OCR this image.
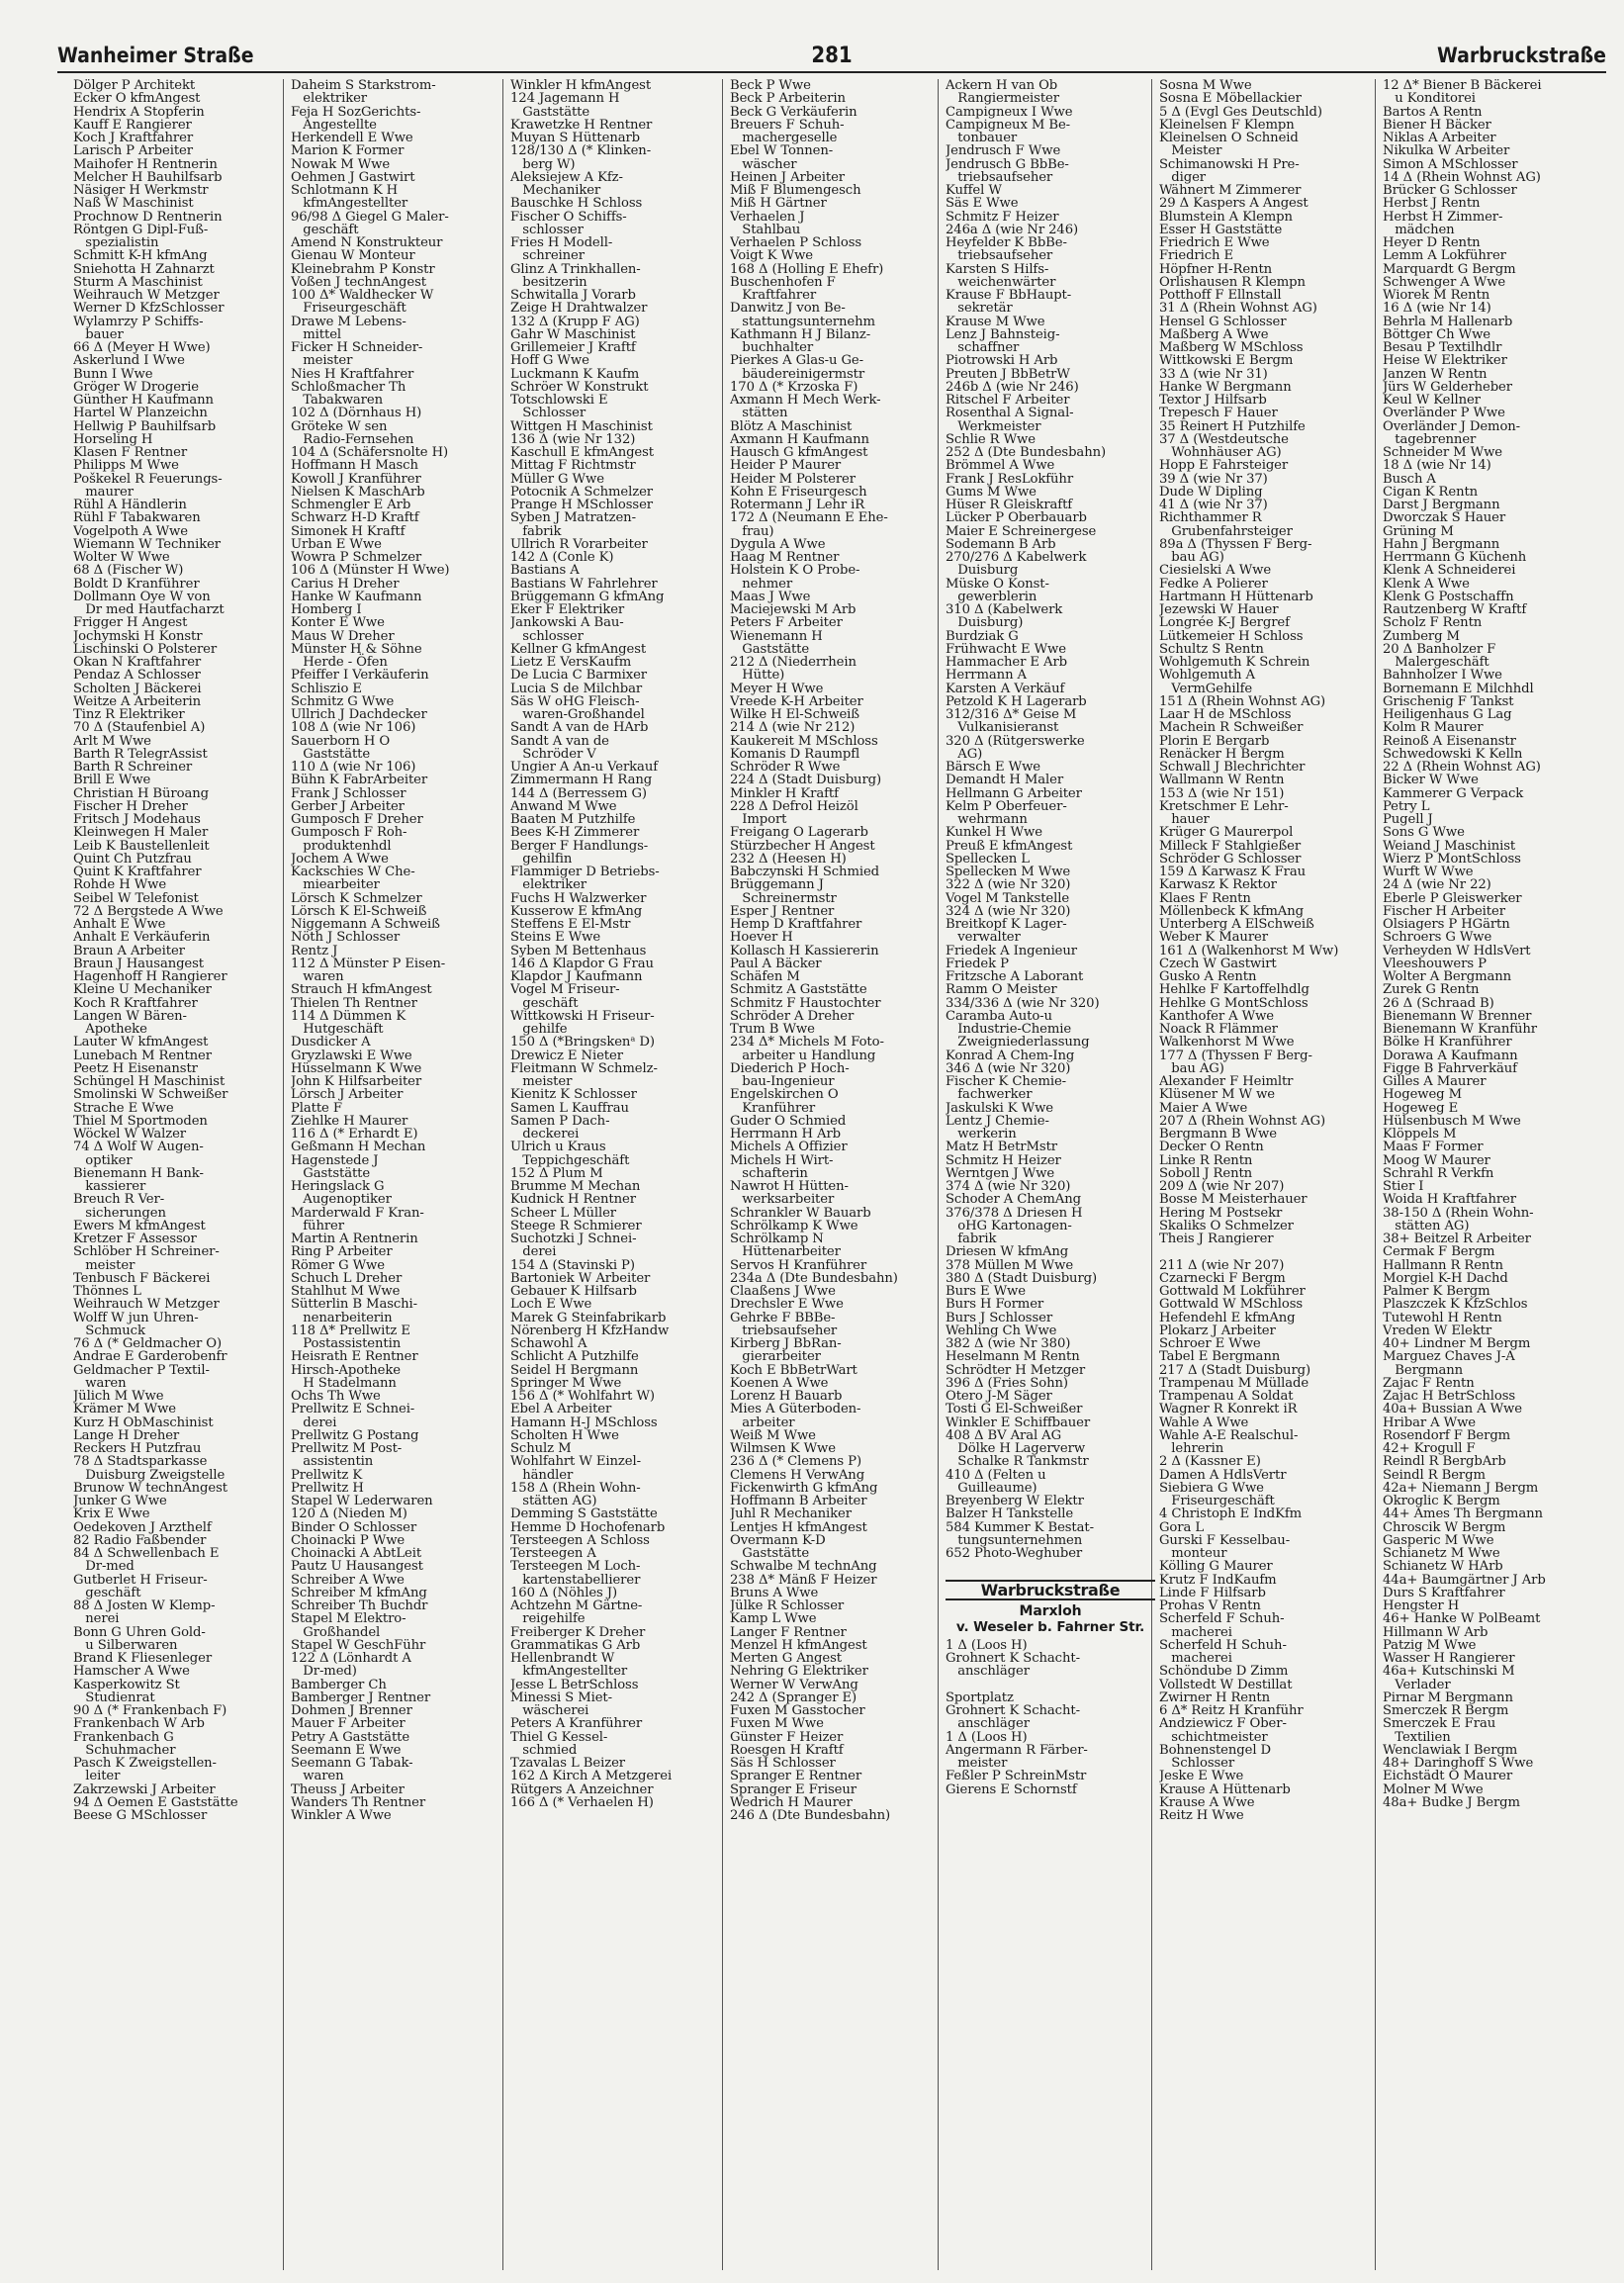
Wanheimer Straße	281	Warbruckstraße
Dölger P Architekt
Ecker O kfmAngest
Hendrix A Stopferin
Kauff E Rangierer
Koch J Kraftfahrer
Larisch P Arbeiter
Maihofer H Rentnerin
Melcher H Bauhilfsarb
Näsiger H Werkmstr
Naß W Maschinist
Prochnow D Rentnerin
Röntgen G Dipl-Fuß-
spezialistin
Schmitt K-H kfmAng
Sniehotta H Zahnarzt
Sturm A Maschinist
Weihrauch W Metzger
Werner D KfzSchlosser
Wylamrzy P Schiffs-
bauer
66 Δ (Meyer H Wwe)
Askerlund I Wwe
Bunn I Wwe
Gröger W Drogerie
Günther H Kaufmann
Hartel W Planzeichn
Hellwig P Bauhilfsarb
Horseling H
Klasen F Rentner
Philipps M Wwe
Poškekel R Feuerungs-
maurer
Rühl A Händlerin
Rühl F Tabakwaren
Vogelpoth A Wwe
Wiemann W Techniker
Wolter W Wwe
68 Δ (Fischer W)
Boldt D Kranführer
Dollmann Oye W von
Dr med Hautfacharzt
Frigger H Angest
Jochymski H Konstr
Lischinski O Polsterer
Okan N Kraftfahrer
Pendaz A Schlosser
Scholten J Bäckerei
Weitze A Arbeiterin
Tinz R Elektriker
70 Δ (Staufenbiel A)
Arlt M Wwe
Barth R TelegrAssist
Barth R Schreiner
Brill E Wwe
Christian H Büroang
Fischer H Dreher
Fritsch J Modehaus
Kleinwegen H Maler
Leib K Baustellenleit
Quint Ch Putzfrau
Quint K Kraftfahrer
Rohde H Wwe
Seibel W Telefonist
72 Δ Bergstede A Wwe
Anhalt E Wwe
Anhalt E Verkäuferin
Braun A Arbeiter
Braun J Hausangest
Hagenhoff H Rangierer
Kleine U Mechaniker
Koch R Kraftfahrer
Langen W Bären-
Apotheke
Lauter W kfmAngest
Lunebach M Rentner
Peetz H Eisenanstr
Schüngel H Maschinist
Smolinski W Schweißer
Strache E Wwe
Thiel M Sportmoden
Wöckel W Walzer
74 Δ Wolf W Augen-
optiker
Bienemann H Bank-
kassierer
Breuch R Ver-
sicherungen
Ewers M kfmAngest
Kretzer F Assessor
Schlöber H Schreiner-
meister
Tenbusch F Bäckerei
Thönnes L
Weihrauch W Metzger
Wolff W jun Uhren-
Schmuck
76 Δ (* Geldmacher O)
Andrae E Garderobenfr
Geldmacher P Textil-
waren
Jülich M Wwe
Krämer M Wwe
Kurz H ObMaschinist
Lange H Dreher
Reckers H Putzfrau
78 Δ Stadtsparkasse
Duisburg Zweigstelle
Brunow W technAngest
Junker G Wwe
Krix E Wwe
Oedekoven J Arzthelf
82 Radio Faßbender
84 Δ Schwellenbach E
Dr-med
Gutberlet H Friseur-
geschäft
88 Δ Josten W Klemp-
nerei
Bonn G Uhren Gold-
u Silberwaren
Brand K Fliesenleger
Hamscher A Wwe
Kasperkowitz St
Studienrat
90 Δ (* Frankenbach F)
Frankenbach W Arb
Frankenbach G
Schuhmacher
Pasch K Zweigstellen-
leiter
Zakrzewski J Arbeiter
94 Δ Oemen E Gaststätte
Beese G MSchlosser
Daheim S Starkstrom-
elektriker
Feja H SozGerichts-
Angestellte
Herkendell E Wwe
Marion K Former
Nowak M Wwe
Oehmen J Gastwirt
Schlotmann K H
kfmAngestellter
96/98 Δ Giegel G Maler-
geschäft
Amend N Konstrukteur
Gienau W Monteur
Kleinebrahm P Konstr
Voßen J technAngest
100 Δ* Waldhecker W
Friseurgeschäft
Drawe M Lebens-
mittel
Ficker H Schneider-
meister
Nies H Kraftfahrer
Schloßmacher Th
Tabakwaren
102 Δ (Dörnhaus H)
Gröteke W sen
Radio-Fernsehen
104 Δ (Schäfersnolte H)
Hoffmann H Masch
Kowoll J Kranführer
Nielsen K MaschArb
Schmengler E Arb
Schwarz H-D Kraftf
Simonek H Kraftf
Urban E Wwe
Wowra P Schmelzer
106 Δ (Münster H Wwe)
Carius H Dreher
Hanke W Kaufmann
Homberg I
Konter E Wwe
Maus W Dreher
Münster H & Söhne
Herde - Öfen
Pfeiffer I Verkäuferin
Schliszio E
Schmitz G Wwe
Ullrich J Dachdecker
108 Δ (wie Nr 106)
Sauerborn H O
Gaststätte
110 Δ (wie Nr 106)
Bühn K FabrArbeiter
Frank J Schlosser
Gerber J Arbeiter
Gumposch F Dreher
Gumposch F Roh-
produktenhdl
Jochem A Wwe
Kackschies W Che-
miearbeiter
Lörsch K Schmelzer
Lörsch K El-Schweiß
Niggemann A Schweiß
Nöth J Schlosser
Rentz J
112 Δ Münster P Eisen-
waren
Strauch H kfmAngest
Thielen Th Rentner
114 Δ Dümmen K
Hutgeschäft
Dusdicker A
Gryzlawski E Wwe
Hüsselmann K Wwe
John K Hilfsarbeiter
Lörsch J Arbeiter
Platte F
Ziehlke H Maurer
116 Δ (* Erhardt E)
Geßmann H Mechan
Hagenstede J
Gaststätte
Heringslack G
Augenoptiker
Marderwald F Kran-
führer
Martin A Rentnerin
Ring P Arbeiter
Römer G Wwe
Schuch L Dreher
Stahlhut M Wwe
Sütterlin B Maschi-
nenarbeiterin
118 Δ* Prellwitz E
Postassistentin
Heisrath E Rentner
Hirsch-Apotheke
H Stadelmann
Ochs Th Wwe
Prellwitz E Schnei-
derei
Prellwitz G Postang
Prellwitz M Post-
assistentin
Prellwitz K
Prellwitz H
Stapel W Lederwaren
120 Δ (Nieden M)
Binder O Schlosser
Choinacki P Wwe
Choinacki A AbtLeit
Pautz U Hausangest
Schreiber A Wwe
Schreiber M kfmAng
Schreiber Th Buchdr
Stapel M Elektro-
Großhandel
Stapel W GeschFühr
122 Δ (Lönhardt A
Dr-med)
Bamberger Ch
Bamberger J Rentner
Dohmen J Brenner
Mauer F Arbeiter
Petry A Gaststätte
Seemann E Wwe
Seemann G Tabak-
waren
Theuss J Arbeiter
Wanders Th Rentner
Winkler A Wwe
Winkler H kfmAngest
124 Jagemann H
Gaststätte
Krawetzke H Rentner
Muyan S Hüttenarb
128/130 Δ (* Klinken-
berg W)
Aleksiejew A Kfz-
Mechaniker
Bauschke H Schloss
Fischer O Schiffs-
schlosser
Fries H Modell-
schreiner
Glinz A Trinkhallen-
besitzerin
Schwitalla J Vorarb
Zeige H Drahtwalzer
132 Δ (Krupp F AG)
Gahr W Maschinist
Grillemeier J Kraftf
Hoff G Wwe
Luckmann K Kaufm
Schröer W Konstrukt
Totschlowski E
Schlosser
Wittgen H Maschinist
136 Δ (wie Nr 132)
Kaschull E kfmAngest
Mittag F Richtmstr
Müller G Wwe
Potocnik A Schmelzer
Prange H MSchlosser
Syben J Matratzen-
fabrik
Ullrich R Vorarbeiter
142 Δ (Conle K)
Bastians A
Bastians W Fahrlehrer
Brüggemann G kfmAng
Eker F Elektriker
Jankowski A Bau-
schlosser
Kellner G kfmAngest
Lietz E VersKaufm
De Lucia C Barmixer
Lucia S de Milchbar
Säs W oHG Fleisch-
waren-Großhandel
Sandt A van de HArb
Sandt A van de
Schröder V
Ungier A An-u Verkauf
Zimmermann H Rang
144 Δ (Berressem G)
Anwand M Wwe
Baaten M Putzhilfe
Bees K-H Zimmerer
Berger F Handlungs-
gehilfin
Flammiger D Betriebs-
elektriker
Fuchs H Walzwerker
Kusserow E kfmAng
Steffens E El-Mstr
Steins E Wwe
Syben M Bettenhaus
146 Δ Klapdor G Frau
Klapdor J Kaufmann
Vogel M Friseur-
geschäft
Wittkowski H Friseur-
gehilfe
150 Δ (*Bringskenᵃ D)
Drewicz E Nieter
Fleitmann W Schmelz-
meister
Kienitz K Schlosser
Samen L Kauffrau
Samen P Dach-
deckerei
Ulrich u Kraus
Teppichgeschäft
152 Δ Plum M
Brumme M Mechan
Kudnick H Rentner
Scheer L Müller
Steege R Schmierer
Suchotzki J Schnei-
derei
154 Δ (Stavinski P)
Bartoniek W Arbeiter
Gebauer K Hilfsarb
Loch E Wwe
Marek G Steinfabrikarb
Nörenberg H KfzHandw
Schawohl A
Schlicht A Putzhilfe
Seidel H Bergmann
Springer M Wwe
156 Δ (* Wohlfahrt W)
Ebel A Arbeiter
Hamann H-J MSchloss
Scholten H Wwe
Schulz M
Wohlfahrt W Einzel-
händler
158 Δ (Rhein Wohn-
stätten AG)
Demming S Gaststätte
Hemme D Hochofenarb
Tersteegen A Schloss
Tersteegen A
Tersteegen M Loch-
kartenstabellierer
160 Δ (Nöhles J)
Achtzehn M Gärtne-
reigehilfe
Freiberger K Dreher
Grammatikas G Arb
Hellenbrandt W
kfmAngestellter
Jesse L BetrSchloss
Minessi S Miet-
wäscherei
Peters A Kranführer
Thiel G Kessel-
schmied
Tzavalas L Beizer
162 Δ Kirch A Metzgerei
Rütgers A Anzeichner
166 Δ (* Verhaelen H)
Beck P Wwe
Beck P Arbeiterin
Beck G Verkäuferin
Breuers F Schuh-
machergeselle
Ebel W Tonnen-
wäscher
Heinen J Arbeiter
Miß F Blumengesch
Miß H Gärtner
Verhaelen J
Stahlbau
Verhaelen P Schloss
Voigt K Wwe
168 Δ (Holling E Ehefr)
Buschenhofen F
Kraftfahrer
Danwitz J von Be-
stattungsunternehm
Kathmann H J Bilanz-
buchhalter
Pierkes A Glas-u Ge-
bäudereinigermstr
170 Δ (* Krzoska F)
Axmann H Mech Werk-
stätten
Blötz A Maschinist
Axmann H Kaufmann
Hausch G kfmAngest
Heider P Maurer
Heider M Polsterer
Kohn E Friseurgesch
Rotermann J Lehr iR
172 Δ (Neumann E Ehe-
frau)
Dygula A Wwe
Haag M Rentner
Holstein K O Probe-
nehmer
Maas J Wwe
Maciejewski M Arb
Peters F Arbeiter
Wienemann H
Gaststätte
212 Δ (Niederrhein
Hütte)
Meyer H Wwe
Vreede K-H Arbeiter
Wilke H El-Schweiß
214 Δ (wie Nr 212)
Kaukereit M MSchloss
Komanis D Raumpfl
Schröder R Wwe
224 Δ (Stadt Duisburg)
Minkler H Kraftf
228 Δ Defrol Heizöl
Import
Freigang O Lagerarb
Stürzbecher H Angest
232 Δ (Heesen H)
Babczynski H Schmied
Brüggemann J
Schreinermstr
Esper J Rentner
Hemp D Kraftfahrer
Hoever H
Kollasch H Kassiererin
Paul A Bäcker
Schäfen M
Schmitz A Gaststätte
Schmitz F Haustochter
Schröder A Dreher
Trum B Wwe
234 Δ* Michels M Foto-
arbeiter u Handlung
Diederich P Hoch-
bau-Ingenieur
Engelskirchen O
Kranführer
Guder O Schmied
Herrmann H Arb
Michels A Offizier
Michels H Wirt-
schafterin
Nawrot H Hütten-
werksarbeiter
Schrankler W Bauarb
Schrölkamp K Wwe
Schrölkamp N
Hüttenarbeiter
Servos H Kranführer
234a Δ (Dte Bundesbahn)
Claaßens J Wwe
Drechsler E Wwe
Gehrke F BBBe-
triebsaufseher
Kirberg J BbRan-
gierarbeiter
Koch E BbBetrWart
Koenen A Wwe
Lorenz H Bauarb
Mies A Güterboden-
arbeiter
Weiß M Wwe
Wilmsen K Wwe
236 Δ (* Clemens P)
Clemens H VerwAng
Fickenwirth G kfmAng
Hoffmann B Arbeiter
Juhl R Mechaniker
Lentjes H kfmAngest
Overmann K-D
Gaststätte
Schwalbe M technAng
238 Δ* Mänß F Heizer
Bruns A Wwe
Jülke R Schlosser
Kamp L Wwe
Langer F Rentner
Menzel H kfmAngest
Merten G Angest
Nehring G Elektriker
Werner W VerwAng
242 Δ (Spranger E)
Fuxen M Gasstocher
Fuxen M Wwe
Günster F Heizer
Roesgen H Kraftf
Säs H Schlosser
Spranger E Rentner
Spranger E Friseur
Wedrich H Maurer
246 Δ (Dte Bundesbahn)
Ackern H van Ob
Rangiermeister
Campigneux I Wwe
Campigneux M Be-
tonbauer
Jendrusch F Wwe
Jendrusch G BbBe-
triebsaufseher
Kuffel W
Säs E Wwe
Schmitz F Heizer
246a Δ (wie Nr 246)
Heyfelder K BbBe-
triebsaufseher
Karsten S Hilfs-
weichenwärter
Krause F BbHaupt-
sekretär
Krause M Wwe
Lenz J Bahnsteig-
schaffner
Piotrowski H Arb
Preuten J BbBetrW
246b Δ (wie Nr 246)
Ritschel F Arbeiter
Rosenthal A Signal-
Werkmeister
Schlie R Wwe
252 Δ (Dte Bundesbahn)
Brömmel A Wwe
Frank J ResLokführ
Gums M Wwe
Hüser R Gleiskraftf
Lücker P Oberbauarb
Maier E Schreinergese
Sodemann B Arb
270/276 Δ Kabelwerk
Duisburg
Müske O Konst-
gewerblerin
310 Δ (Kabelwerk
Duisburg)
Burdziak G
Frühwacht E Wwe
Hammacher E Arb
Herrmann A
Karsten A Verkäuf
Petzold K H Lagerarb
312/316 Δ* Geise M
Vulkanisieranst
320 Δ (Rütgerswerke
AG)
Bärsch E Wwe
Demandt H Maler
Hellmann G Arbeiter
Kelm P Oberfeuer-
wehrmann
Kunkel H Wwe
Preuß E kfmAngest
Spellecken L
Spellecken M Wwe
322 Δ (wie Nr 320)
Vogel M Tankstelle
324 Δ (wie Nr 320)
Breitkopf K Lager-
verwalter
Friedek A Ingenieur
Friedek P
Fritzsche A Laborant
Ramm O Meister
334/336 Δ (wie Nr 320)
Caramba Auto-u
Industrie-Chemie
Zweigniederlassung
Konrad A Chem-Ing
346 Δ (wie Nr 320)
Fischer K Chemie-
fachwerker
Jaskulski K Wwe
Lentz J Chemie-
werkerin
Matz H BetrMstr
Schmitz H Heizer
Werntgen J Wwe
374 Δ (wie Nr 320)
Schoder A ChemAng
376/378 Δ Driesen H
oHG Kartonagen-
fabrik
Driesen W kfmAng
378 Müllen M Wwe
380 Δ (Stadt Duisburg)
Burs E Wwe
Burs H Former
Burs J Schlosser
Wehling Ch Wwe
382 Δ (wie Nr 380)
Heselmann M Rentn
Schrödter H Metzger
396 Δ (Fries Sohn)
Otero J-M Säger
Tosti G El-Schweißer
Winkler E Schiffbauer
408 Δ BV Aral AG
Dölke H Lagerverw
Schalke R Tankmstr
410 Δ (Felten u
Guilleaume)
Breyenberg W Elektr
Balzer H Tankstelle
584 Kummer K Bestat-
tungsunternehmen
652 Photo-Weghuber
Warbruckstraße
Marxloh
v. Weseler b. Fahrner Str.
1 Δ (Loos H)
Grohnert K Schacht-
anschläger
Sportplatz
Grohnert K Schacht-
anschläger
1 Δ (Loos H)
Angermann R Färber-
meister
Feßler P SchreinMstr
Gierens E Schornstf
Sosna M Wwe
Sosna E Möbellackier
5 Δ (Evgl Ges Deutschld)
Kleinelsen F Klempn
Kleinelsen O Schneid
Meister
Schimanowski H Pre-
diger
Wähnert M Zimmerer
29 Δ Kaspers A Angest
Blumstein A Klempn
Esser H Gaststätte
Friedrich E Wwe
Friedrich E
Höpfner H-Rentn
Orlishausen R Klempn
Potthoff F Ellnstall
31 Δ (Rhein Wohnst AG)
Hensel G Schlosser
Maßberg A Wwe
Maßberg W MSchloss
Wittkowski E Bergm
33 Δ (wie Nr 31)
Hanke W Bergmann
Textor J Hilfsarb
Trepesch F Hauer
35 Reinert H Putzhilfe
37 Δ (Westdeutsche
Wohnhäuser AG)
Hopp E Fahrsteiger
39 Δ (wie Nr 37)
Dude W Dipling
41 Δ (wie Nr 37)
Richthammer R
Grubenfahrsteiger
89a Δ (Thyssen F Berg-
bau AG)
Ciesielski A Wwe
Fedke A Polierer
Hartmann H Hüttenarb
Jezewski W Hauer
Longrée K-J Bergref
Lütkemeier H Schloss
Schultz S Rentn
Wohlgemuth K Schrein
Wohlgemuth A
VermGehilfe
151 Δ (Rhein Wohnst AG)
Laar H de MSchloss
Machein R Schweißer
Plorin E Bergarb
Renäcker H Bergm
Schwall J Blechrichter
Wallmann W Rentn
153 Δ (wie Nr 151)
Kretschmer E Lehr-
hauer
Krüger G Maurerpol
Milleck F Stahlgießer
Schröder G Schlosser
159 Δ Karwasz K Frau
Karwasz K Rektor
Klaes F Rentn
Möllenbeck K kfmAng
Unterberg A ElSchweiß
Weber K Maurer
161 Δ (Walkenhorst M Ww)
Czech W Gastwirt
Gusko A Rentn
Hehlke F Kartoffelhdlg
Hehlke G MontSchloss
Kanthofer A Wwe
Noack R Flämmer
Walkenhorst M Wwe
177 Δ (Thyssen F Berg-
bau AG)
Alexander F Heimltr
Klüsener M W we
Maier A Wwe
207 Δ (Rhein Wohnst AG)
Bergmann B Wwe
Decker O Rentn
Linke R Rentn
Soboll J Rentn
209 Δ (wie Nr 207)
Bosse M Meisterhauer
Hering M Postsekr
Skaliks O Schmelzer
Theis J Rangierer
211 Δ (wie Nr 207)
Czarnecki F Bergm
Gottwald M Lokführer
Gottwald W MSchloss
Hefendehl E kfmAng
Plokarz J Arbeiter
Schroer E Wwe
Tabel E Bergmann
217 Δ (Stadt Duisburg)
Trampenau M Müllade
Trampenau A Soldat
Wagner R Konrekt iR
Wahle A Wwe
Wahle A-E Realschul-
lehrerin
2 Δ (Kassner E)
Damen A HdlsVertr
Siebiera G Wwe
Friseurgeschäft
4 Christoph E IndKfm
Gora L
Gurski F Kesselbau-
monteur
Kölling G Maurer
Krutz F IndKaufm
Linde F Hilfsarb
Prohas V Rentn
Scherfeld F Schuh-
macherei
Scherfeld H Schuh-
macherei
Schöndube D Zimm
Vollstedt W Destillat
Zwirner H Rentn
6 Δ* Reitz H Kranführ
Andziewicz F Ober-
schichtmeister
Bohnenstengel D
Schlosser
Jeske E Wwe
Krause A Hüttenarb
Krause A Wwe
Reitz H Wwe
12 Δ* Biener B Bäckerei
u Konditorei
Bartos A Rentn
Biener H Bäcker
Niklas A Arbeiter
Nikulka W Arbeiter
Simon A MSchlosser
14 Δ (Rhein Wohnst AG)
Brücker G Schlosser
Herbst J Rentn
Herbst H Zimmer-
mädchen
Heyer D Rentn
Lemm A Lokführer
Marquardt G Bergm
Schwenger A Wwe
Wiorek M Rentn
16 Δ (wie Nr 14)
Behrla M Hallenarb
Böttger Ch Wwe
Besau P Textilhdlr
Heise W Elektriker
Janzen W Rentn
Jürs W Gelderheber
Keul W Kellner
Overländer P Wwe
Overländer J Demon-
tagebrenner
Schneider M Wwe
18 Δ (wie Nr 14)
Busch A
Cigan K Rentn
Darst J Bergmann
Dworczak S Hauer
Grüning M
Hahn J Bergmann
Herrmann G Küchenh
Klenk A Schneiderei
Klenk A Wwe
Klenk G Postschaffn
Rautzenberg W Kraftf
Scholz F Rentn
Zumberg M
20 Δ Banholzer F
Malergeschäft
Bahnholzer I Wwe
Bornemann E Milchhdl
Grischenig F Tankst
Heiligenhaus G Lag
Kolm R Maurer
Reinoß A Eisenanstr
Schwedowski K Kelln
22 Δ (Rhein Wohnst AG)
Bicker W Wwe
Kammerer G Verpack
Petry L
Pugell J
Sons G Wwe
Weiand J Maschinist
Wierz P MontSchloss
Wurft W Wwe
24 Δ (wie Nr 22)
Eberle P Gleiswerker
Fischer H Arbeiter
Olsiagers P HGärtn
Schroers G Wwe
Verheyden W HdlsVert
Vleeshouwers P
Wolter A Bergmann
Zurek G Rentn
26 Δ (Schraad B)
Bienemann W Brenner
Bienemann W Kranführ
Bölke H Kranführer
Dorawa A Kaufmann
Figge B Fahrverkäuf
Gilles A Maurer
Hogeweg M
Hogeweg E
Hülsenbusch M Wwe
Klöppels M
Maas F Former
Moog W Maurer
Schrahl R Verkfn
Stier I
Woida H Kraftfahrer
38-150 Δ (Rhein Wohn-
stätten AG)
38+ Beitzel R Arbeiter
Cermak F Bergm
Hallmann R Rentn
Morgiel K-H Dachd
Palmer K Bergm
Plaszczek K KfzSchlos
Tutewohl H Rentn
Vreden W Elektr
40+ Lindner M Bergm
Marguez Chaves J-A
Bergmann
Zajac F Rentn
Zajac H BetrSchloss
40a+ Bussian A Wwe
Hribar A Wwe
Rosendorf F Bergm
42+ Krogull F
Reindl R BergbArb
Seindl R Bergm
42a+ Niemann J Bergm
Okroglic K Bergm
44+ Ames Th Bergmann
Chroscik W Bergm
Gasperic M Wwe
Schianetz M Wwe
Schianetz W HArb
44a+ Baumgärtner J Arb
Durs S Kraftfahrer
Hengster H
46+ Hanke W PolBeamt
Hillmann W Arb
Patzig M Wwe
Wasser H Rangierer
46a+ Kutschinski M
Verlader
Pirnar M Bergmann
Smerczek R Bergm
Smerczek E Frau
Textilien
Wenclawiak I Bergm
48+ Daringhoff S Wwe
Eichstädt O Maurer
Molner M Wwe
48a+ Budke J Bergm
